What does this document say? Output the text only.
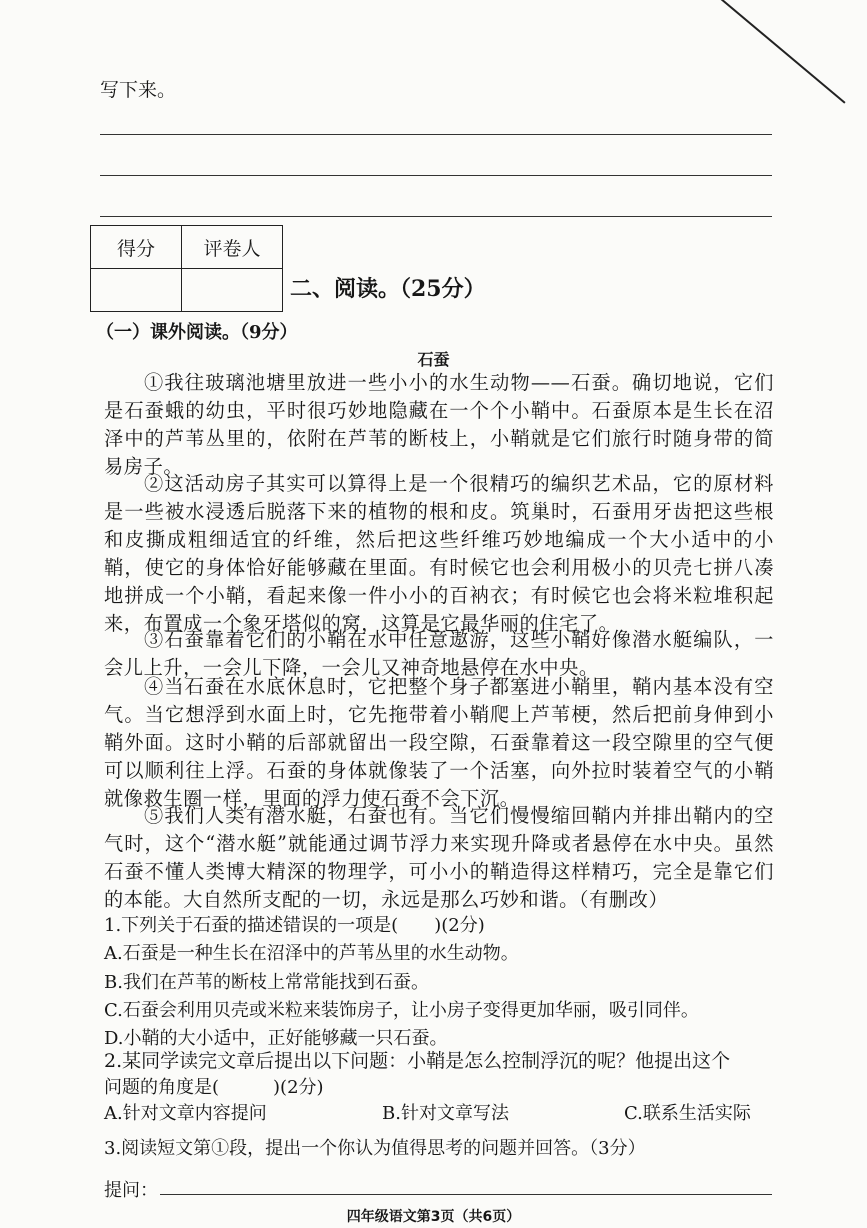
写下来。
得分	评卷人

二、阅读。（25分）
（一）课外阅读。（9分）
石蚕

①我往玻璃池塘里放进一些小小的水生动物——石蚕。确切地说，它们是石蚕蛾的幼虫，平时很巧妙地隐藏在一个个小鞘中。石蚕原本是生长在沼泽中的芦苇丛里的，依附在芦苇的断枝上，小鞘就是它们旅行时随身带的简易房子。

②这活动房子其实可以算得上是一个很精巧的编织艺术品，它的原材料是一些被水浸透后脱落下来的植物的根和皮。筑巢时，石蚕用牙齿把这些根和皮撕成粗细适宜的纤维，然后把这些纤维巧妙地编成一个大小适中的小鞘，使它的身体恰好能够藏在里面。有时候它也会利用极小的贝壳七拼八凑地拼成一个小鞘，看起来像一件小小的百衲衣；有时候它也会将米粒堆积起来，布置成一个象牙塔似的窝，这算是它最华丽的住宅了。

③石蚕靠着它们的小鞘在水中任意遨游，这些小鞘好像潜水艇编队，一会儿上升，一会儿下降，一会儿又神奇地悬停在水中央。

④当石蚕在水底休息时，它把整个身子都塞进小鞘里，鞘内基本没有空气。当它想浮到水面上时，它先拖带着小鞘爬上芦苇梗，然后把前身伸到小鞘外面。这时小鞘的后部就留出一段空隙，石蚕靠着这一段空隙里的空气便可以顺利往上浮。石蚕的身体就像装了一个活塞，向外拉时装着空气的小鞘就像救生圈一样，里面的浮力使石蚕不会下沉。

⑤我们人类有潜水艇，石蚕也有。当它们慢慢缩回鞘内并排出鞘内的空气时，这个“潜水艇”就能通过调节浮力来实现升降或者悬停在水中央。虽然石蚕不懂人类博大精深的物理学，可小小的鞘造得这样精巧，完全是靠它们的本能。大自然所支配的一切，永远是那么巧妙和谐。（有删改）

1.下列关于石蚕的描述错误的一项是(　　)(2分)
A.石蚕是一种生长在沼泽中的芦苇丛里的水生动物。
B.我们在芦苇的断枝上常常能找到石蚕。
C.石蚕会利用贝壳或米粒来装饰房子，让小房子变得更加华丽，吸引同伴。
D.小鞘的大小适中，正好能够藏一只石蚕。
2.某同学读完文章后提出以下问题：小鞘是怎么控制浮沉的呢？他提出这个
问题的角度是(　　　)(2分)
A.针对文章内容提问	B.针对文章写法	C.联系生活实际
3.阅读短文第①段，提出一个你认为值得思考的问题并回答。（3分）
提问：
四年级语文第3页（共6页）
